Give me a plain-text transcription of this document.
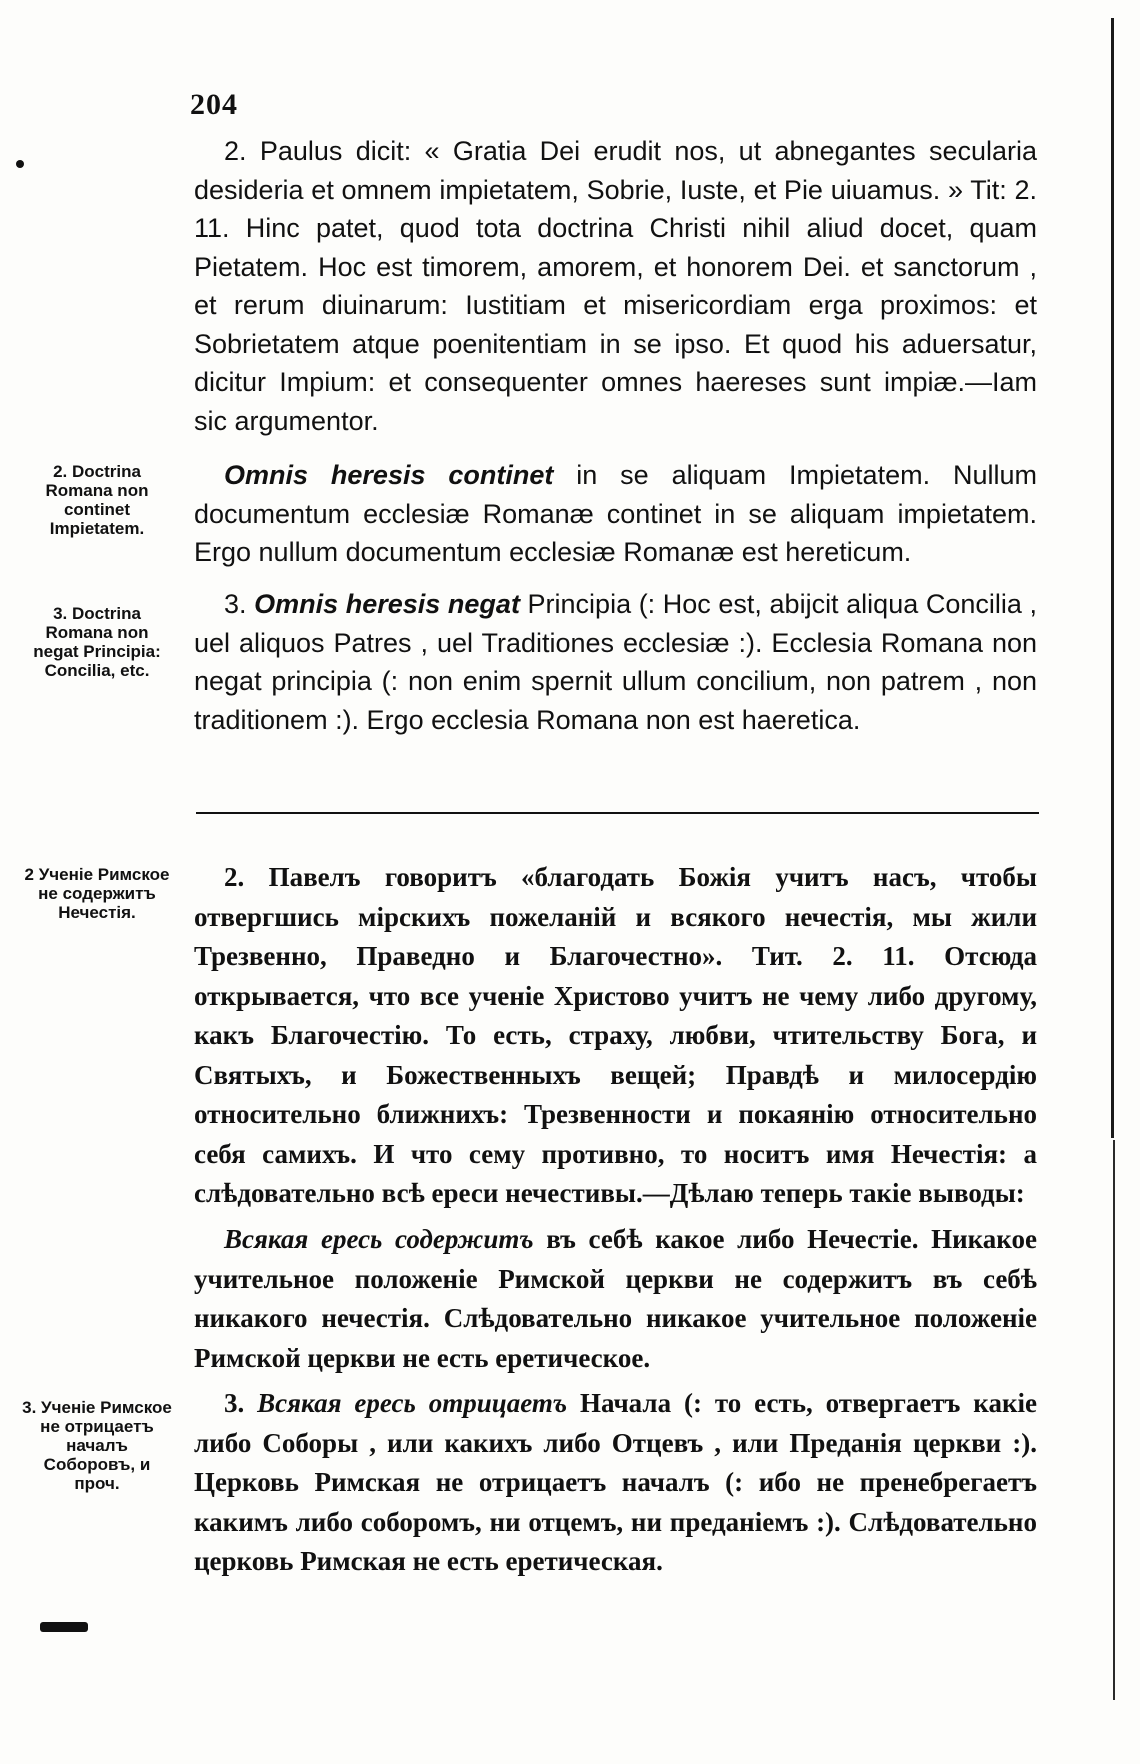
204
2. Paulus dicit: « Gratia Dei erudit nos, ut abnegantes secularia desideria et omnem impietatem, Sobrie, Iuste, et Pie uiuamus. » Tit: 2. 11. Hinc patet, quod tota doctrina Christi nihil aliud docet, quam Pietatem. Hoc est timorem, amorem, et honorem Dei. et sanctorum , et rerum diuinarum: Iustitiam et misericordiam erga proximos: et Sobrietatem atque poenitentiam in se ipso. Et quod his aduersatur, dicitur Impium: et consequenter omnes haereses sunt impiæ.—Iam sic argumentor.
2. Doctrina Romana non continet Impietatem.
Omnis heresis continet in se aliquam Impietatem. Nullum documentum ecclesiæ Romanæ continet in se aliquam impietatem. Ergo nullum documentum ecclesiæ Romanæ est hereticum.
3. Doctrina Romana non negat Principia: Concilia, etc.
3. Omnis heresis negat Principia (: Hoc est, abijcit aliqua Concilia , uel aliquos Patres , uel Traditiones ecclesiæ :). Ecclesia Romana non negat principia (: non enim spernit ullum concilium, non patrem , non traditionem :). Ergo ecclesia Romana non est haeretica.
2 Ученіе Римское не содержитъ Нечестія.
2. Павелъ говоритъ «благодать Божія учитъ насъ, чтобы отвергшись мірскихъ пожеланій и всякого нечестія, мы жили Трезвенно, Праведно и Благочестно». Тит. 2. 11. Отсюда открывается, что все ученіе Христово учитъ не чему либо другому, какъ Благочестію. То есть, страху, любви, чтительству Бога, и Святыхъ, и Божественныхъ вещей; Правдѣ и милосердію относительно ближнихъ: Трезвенности и покаянію относительно себя самихъ. И что сему противно, то носитъ имя Нечестія: а слѣдовательно всѣ ереси нечестивы.—Дѣлаю теперь такіе выводы:
Всякая ересь содержитъ въ себѣ какое либо Нечестіе. Никакое учительное положеніе Римской церкви не содержитъ въ себѣ никакого нечестія. Слѣдовательно никакое учительное положеніе Римской церкви не есть еретическое.
3. Ученіе Римское не отрицаетъ началъ Соборовъ, и проч.
3. Всякая ересь отрицаетъ Начала (: то есть, отвергаетъ какіе либо Соборы , или какихъ либо Отцевъ , или Преданія церкви :). Церковь Римская не отрицаетъ началъ (: ибо не пренебрегаетъ какимъ либо соборомъ, ни отцемъ, ни преданіемъ :). Слѣдовательно церковь Римская не есть еретическая.
